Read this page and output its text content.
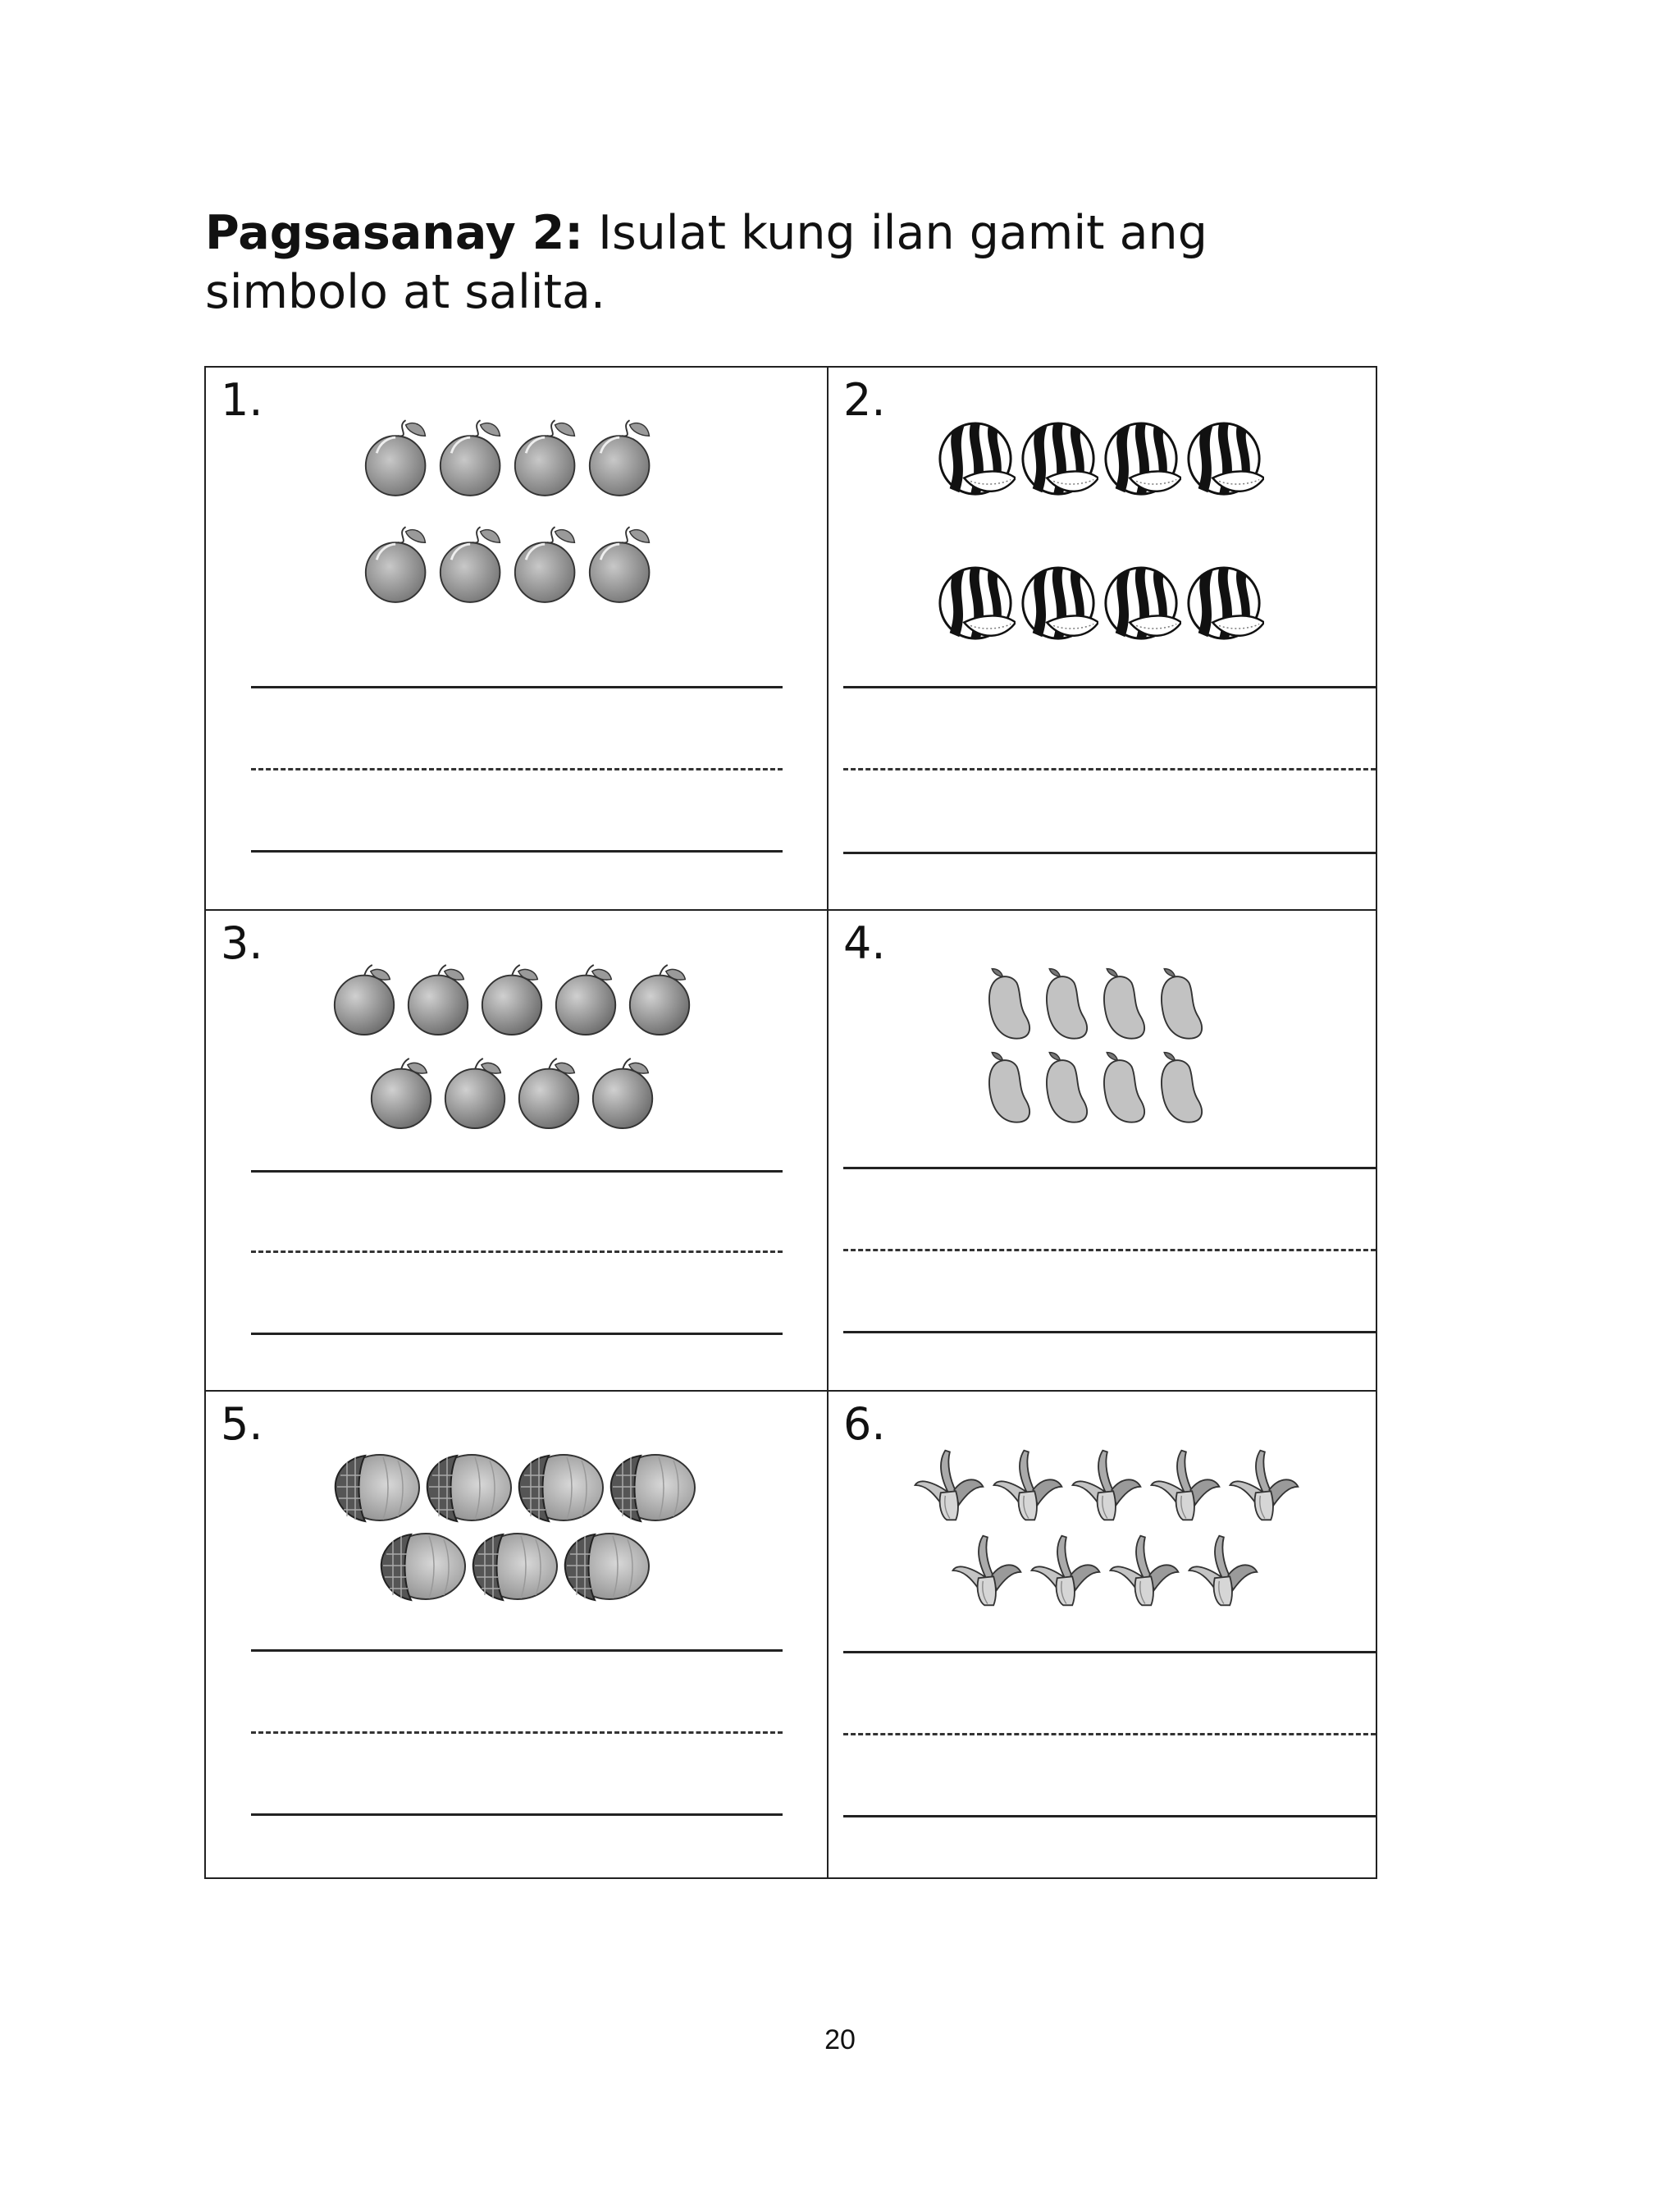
Pagsasanay 2: Isulat kung ilan gamit ang simbolo at salita.
1.	2.
3.	4.
5.	6.
20
